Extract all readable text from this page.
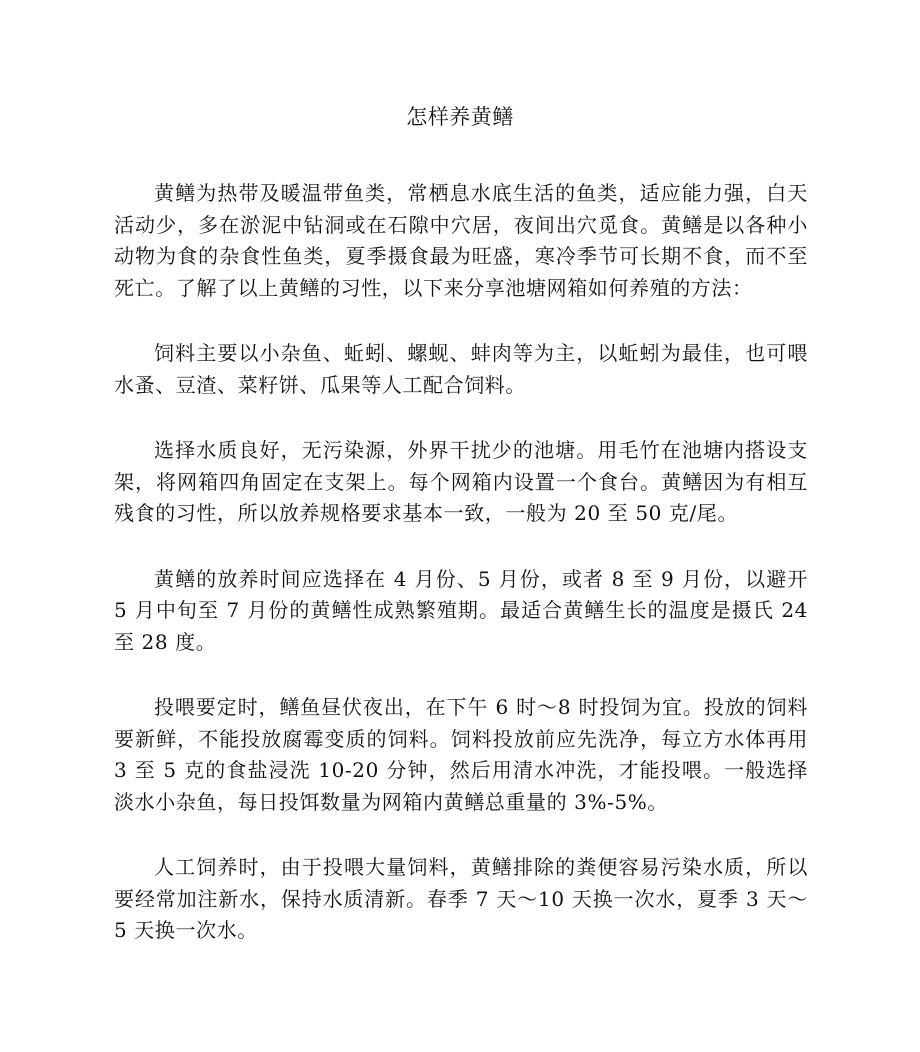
怎样养黄鳝

黄鳝为热带及暖温带鱼类，常栖息水底生活的鱼类，适应能力强，白天活动少，多在淤泥中钻洞或在石隙中穴居，夜间出穴觅食。黄鳝是以各种小动物为食的杂食性鱼类，夏季摄食最为旺盛，寒冷季节可长期不食，而不至死亡。了解了以上黄鳝的习性，以下来分享池塘网箱如何养殖的方法：

饲料主要以小杂鱼、蚯蚓、螺蚬、蚌肉等为主，以蚯蚓为最佳，也可喂水蚤、豆渣、菜籽饼、瓜果等人工配合饲料。

选择水质良好，无污染源，外界干扰少的池塘。用毛竹在池塘内搭设支架，将网箱四角固定在支架上。每个网箱内设置一个食台。黄鳝因为有相互残食的习性，所以放养规格要求基本一致，一般为 20 至 50 克/尾。

黄鳝的放养时间应选择在 4 月份、5 月份，或者 8 至 9 月份，以避开 5 月中旬至 7 月份的黄鳝性成熟繁殖期。最适合黄鳝生长的温度是摄氏 24 至 28 度。

投喂要定时，鳝鱼昼伏夜出，在下午 6 时～8 时投饲为宜。投放的饲料要新鲜，不能投放腐霉变质的饲料。饲料投放前应先洗净，每立方水体再用 3 至 5 克的食盐浸洗 10-20 分钟，然后用清水冲洗，才能投喂。一般选择淡水小杂鱼，每日投饵数量为网箱内黄鳝总重量的 3%-5%。

人工饲养时，由于投喂大量饲料，黄鳝排除的粪便容易污染水质，所以要经常加注新水，保持水质清新。春季 7 天～10 天换一次水，夏季 3 天～5 天换一次水。
